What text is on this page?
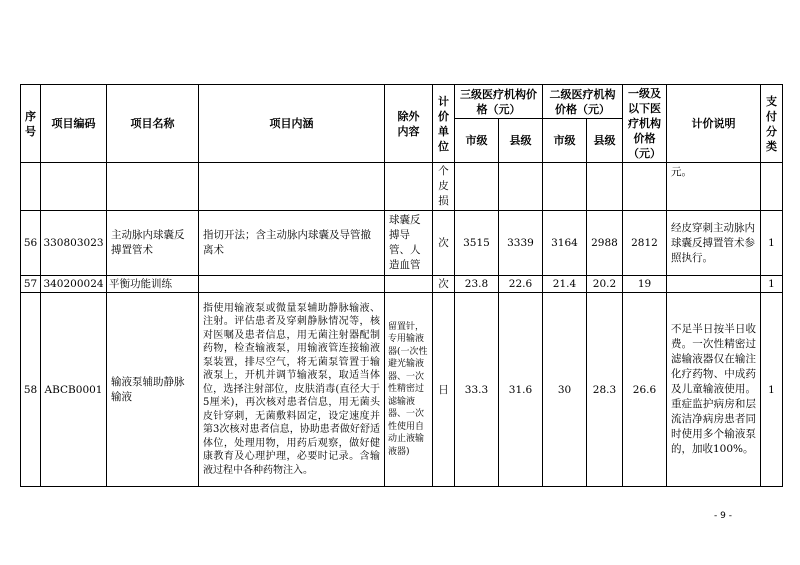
序号	项目编码	项目名称	项目内涵	除外内容	计价单位	三级医疗机构价格（元）		二级医疗机构价格（元）		一级及以下医疗机构价格（元）	计价说明	支付分类

						市级	县级	市级	县级			

					个皮损						元。	
56	330803023	主动脉内球囊反搏置管术	指切开法；含主动脉内球囊及导管撤离术	球囊反搏导管、人造血管	次	3515	3339	3164	2988	2812	经皮穿刺主动脉内球囊反搏置管术参照执行。	1
57	340200024	平衡功能训练			次	23.8	22.6	21.4	20.2	19		1
58	ABCB0001	输液泵辅助静脉输液	指使用输液泵或微量泵辅助静脉输液、注射。评估患者及穿刺静脉情况等，核对医嘱及患者信息，用无菌注射器配制药物，检查输液泵，用输液管连接输液泵装置，排尽空气，将无菌泵管置于输液泵上，开机并调节输液泵，取适当体位，选择注射部位，皮肤消毒(直径大于5厘米)，再次核对患者信息，用无菌头皮针穿刺，无菌敷料固定，设定速度并第3次核对患者信息，协助患者做好舒适体位，处理用物，用药后观察，做好健康教育及心理护理，必要时记录。含输液过程中各种药物注入。	留置针，专用输液器(一次性避光输液器、一次性精密过滤输液器、一次性使用自动止液输液器)	日	33.3	31.6	30	28.3	26.6	不足半日按半日收费。一次性精密过滤输液器仅在输注化疗药物、中成药及儿童输液使用。重症监护病房和层流洁净病房患者同时使用多个输液泵的，加收100%。	1
- 9 -
